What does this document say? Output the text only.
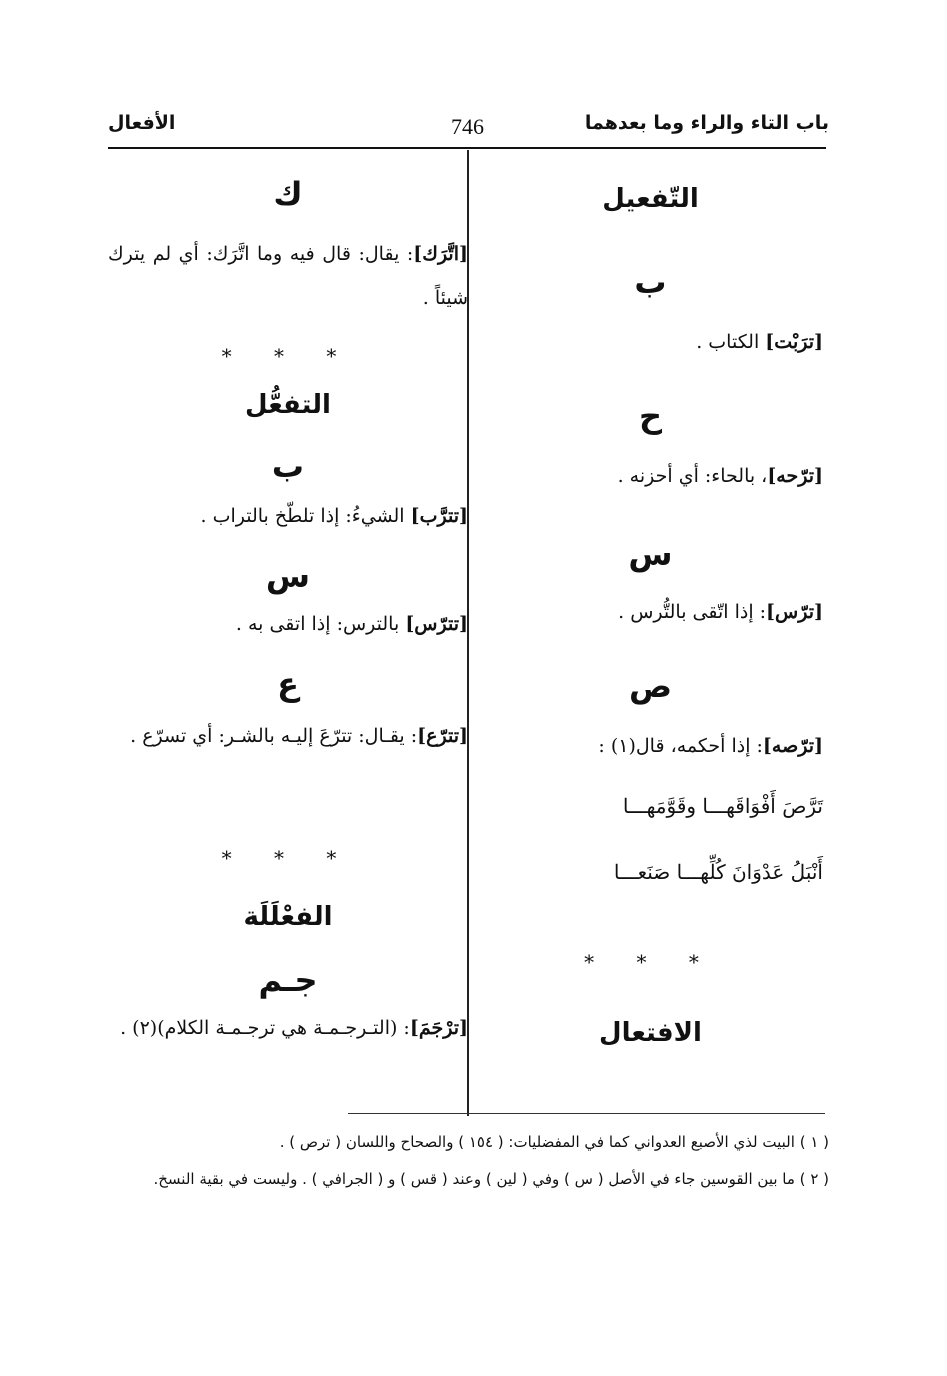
باب التاء والراء وما بعدهما
746
الأفعال

التّفعيل

ب

[ترَبْت] الكتاب .

ح

[ترّحه]، بالحاء: أي أحزنه .

س

[ترّس]: إذا اتّقى بالتُّرس .

ص

[ترّصه]: إذا أحكمه، قال(١) :

تَرَّصَ أَفْوَاقَهـــا وقَوَّمَهـــا

أَنْبَلُ عَدْوَانَ كُلِّهـــا صَنَعـــا

* * *

الافتعال

ك

[اتَّرَك]: يقال: قال فيه وما اتَّرَك: أي لم يترك شيئاً .

* * *

التفعُّل

ب

[تترَّب] الشيءُ: إذا تلطّخ بالتراب .

س

[تترّس] بالترس: إذا اتقى به .

ع

[تترّع]: يقـال: تترّعَ إليـه بالشـر: أي تسرّع .

* * *

الفعْلَلَة

جـم

[ترْجَمَ]: (التـرجـمـة هي ترجـمـة الكلام)(٢) .

( ١ ) البيت لذي الأصبع العدواني كما في المفضليات: ( ١٥٤ ) والصحاح واللسان ( ترص ) .
( ٢ ) ما بين القوسين جاء في الأصل ( س ) وفي ( لين ) وعند ( قس ) و ( الجرافي ) . وليست في بقية النسخ.
